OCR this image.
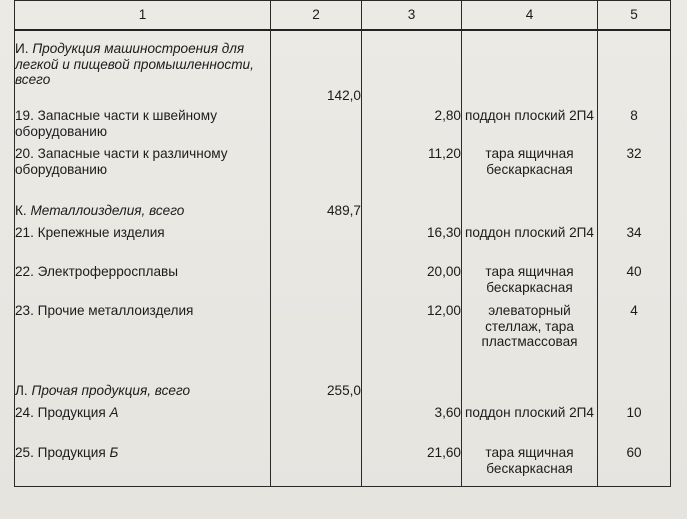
1	2	3	4	5
И. Продукция машиностроения для легкой и пищевой промышленности, всего	142,0			
19. Запасные части к швейному оборудованию		2,80	поддон плоский 2П4	8
20. Запасные части к различному оборудованию		11,20	тара ящичная бескаркасная	32
К. Металлоизделия, всего	489,7			
21. Крепежные изделия		16,30	поддон плоский 2П4	34
22. Электроферросплавы		20,00	тара ящичная бескаркасная	40
23. Прочие металлоизделия		12,00	элеваторный стеллаж, тара пластмассовая	4
Л. Прочая продукция, всего	255,0			
24. Продукция А		3,60	поддон плоский 2П4	10
25. Продукция Б		21,60	тара ящичная бескаркасная	60
